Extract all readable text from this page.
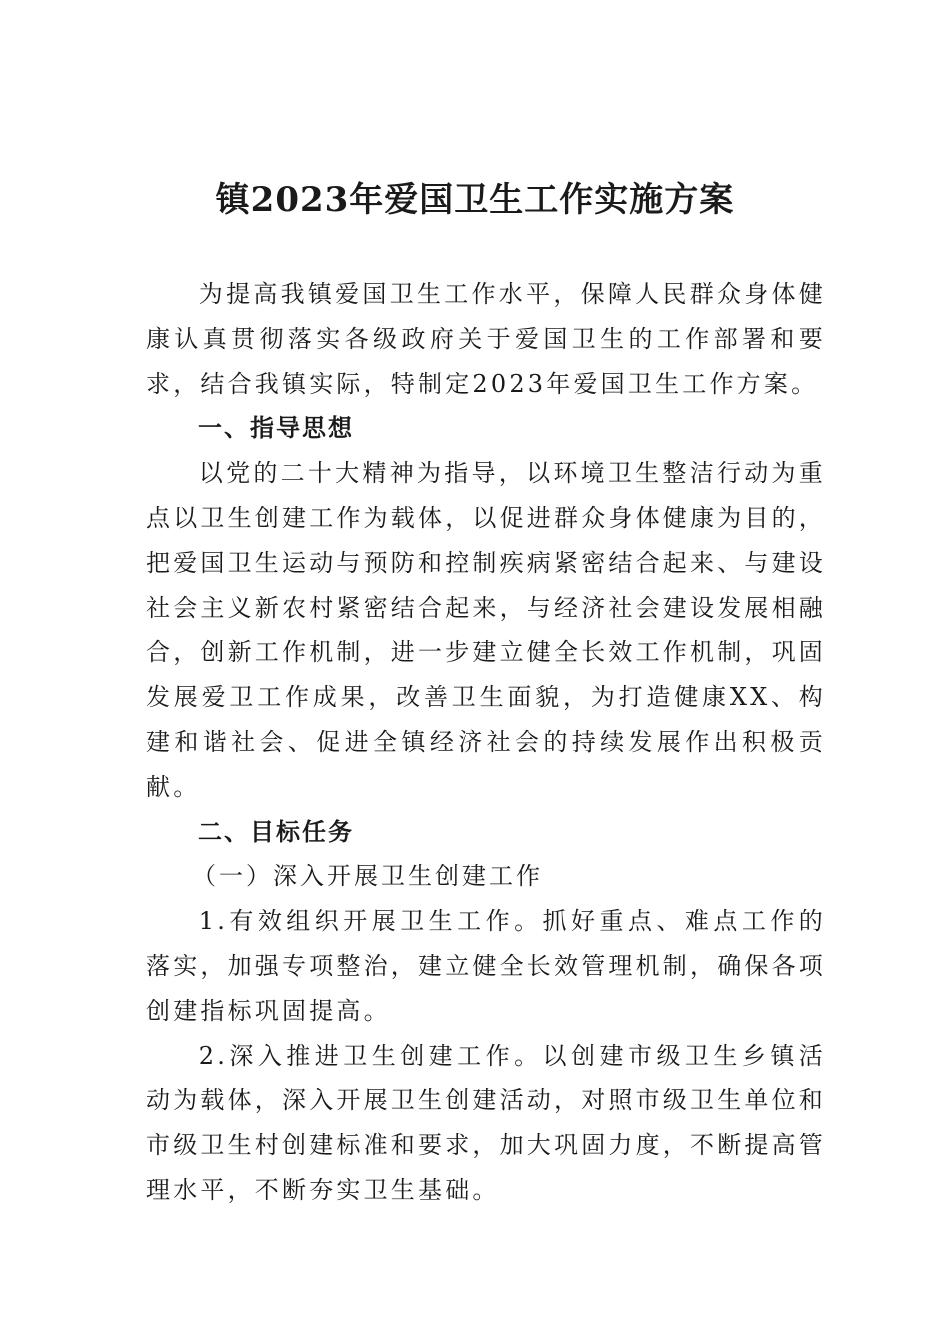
镇2023年爱国卫生工作实施方案

为提高我镇爱国卫生工作水平，保障人民群众身体健康认真贯彻落实各级政府关于爱国卫生的工作部署和要求，结合我镇实际，特制定2023年爱国卫生工作方案。

一、指导思想

以党的二十大精神为指导，以环境卫生整洁行动为重点以卫生创建工作为载体，以促进群众身体健康为目的，把爱国卫生运动与预防和控制疾病紧密结合起来、与建设社会主义新农村紧密结合起来，与经济社会建设发展相融合，创新工作机制，进一步建立健全长效工作机制，巩固发展爱卫工作成果，改善卫生面貌，为打造健康XX、构建和谐社会、促进全镇经济社会的持续发展作出积极贡献。

二、目标任务

（一）深入开展卫生创建工作

1.有效组织开展卫生工作。抓好重点、难点工作的落实，加强专项整治，建立健全长效管理机制，确保各项创建指标巩固提高。

2.深入推进卫生创建工作。以创建市级卫生乡镇活动为载体，深入开展卫生创建活动，对照市级卫生单位和市级卫生村创建标准和要求，加大巩固力度，不断提高管理水平，不断夯实卫生基础。
